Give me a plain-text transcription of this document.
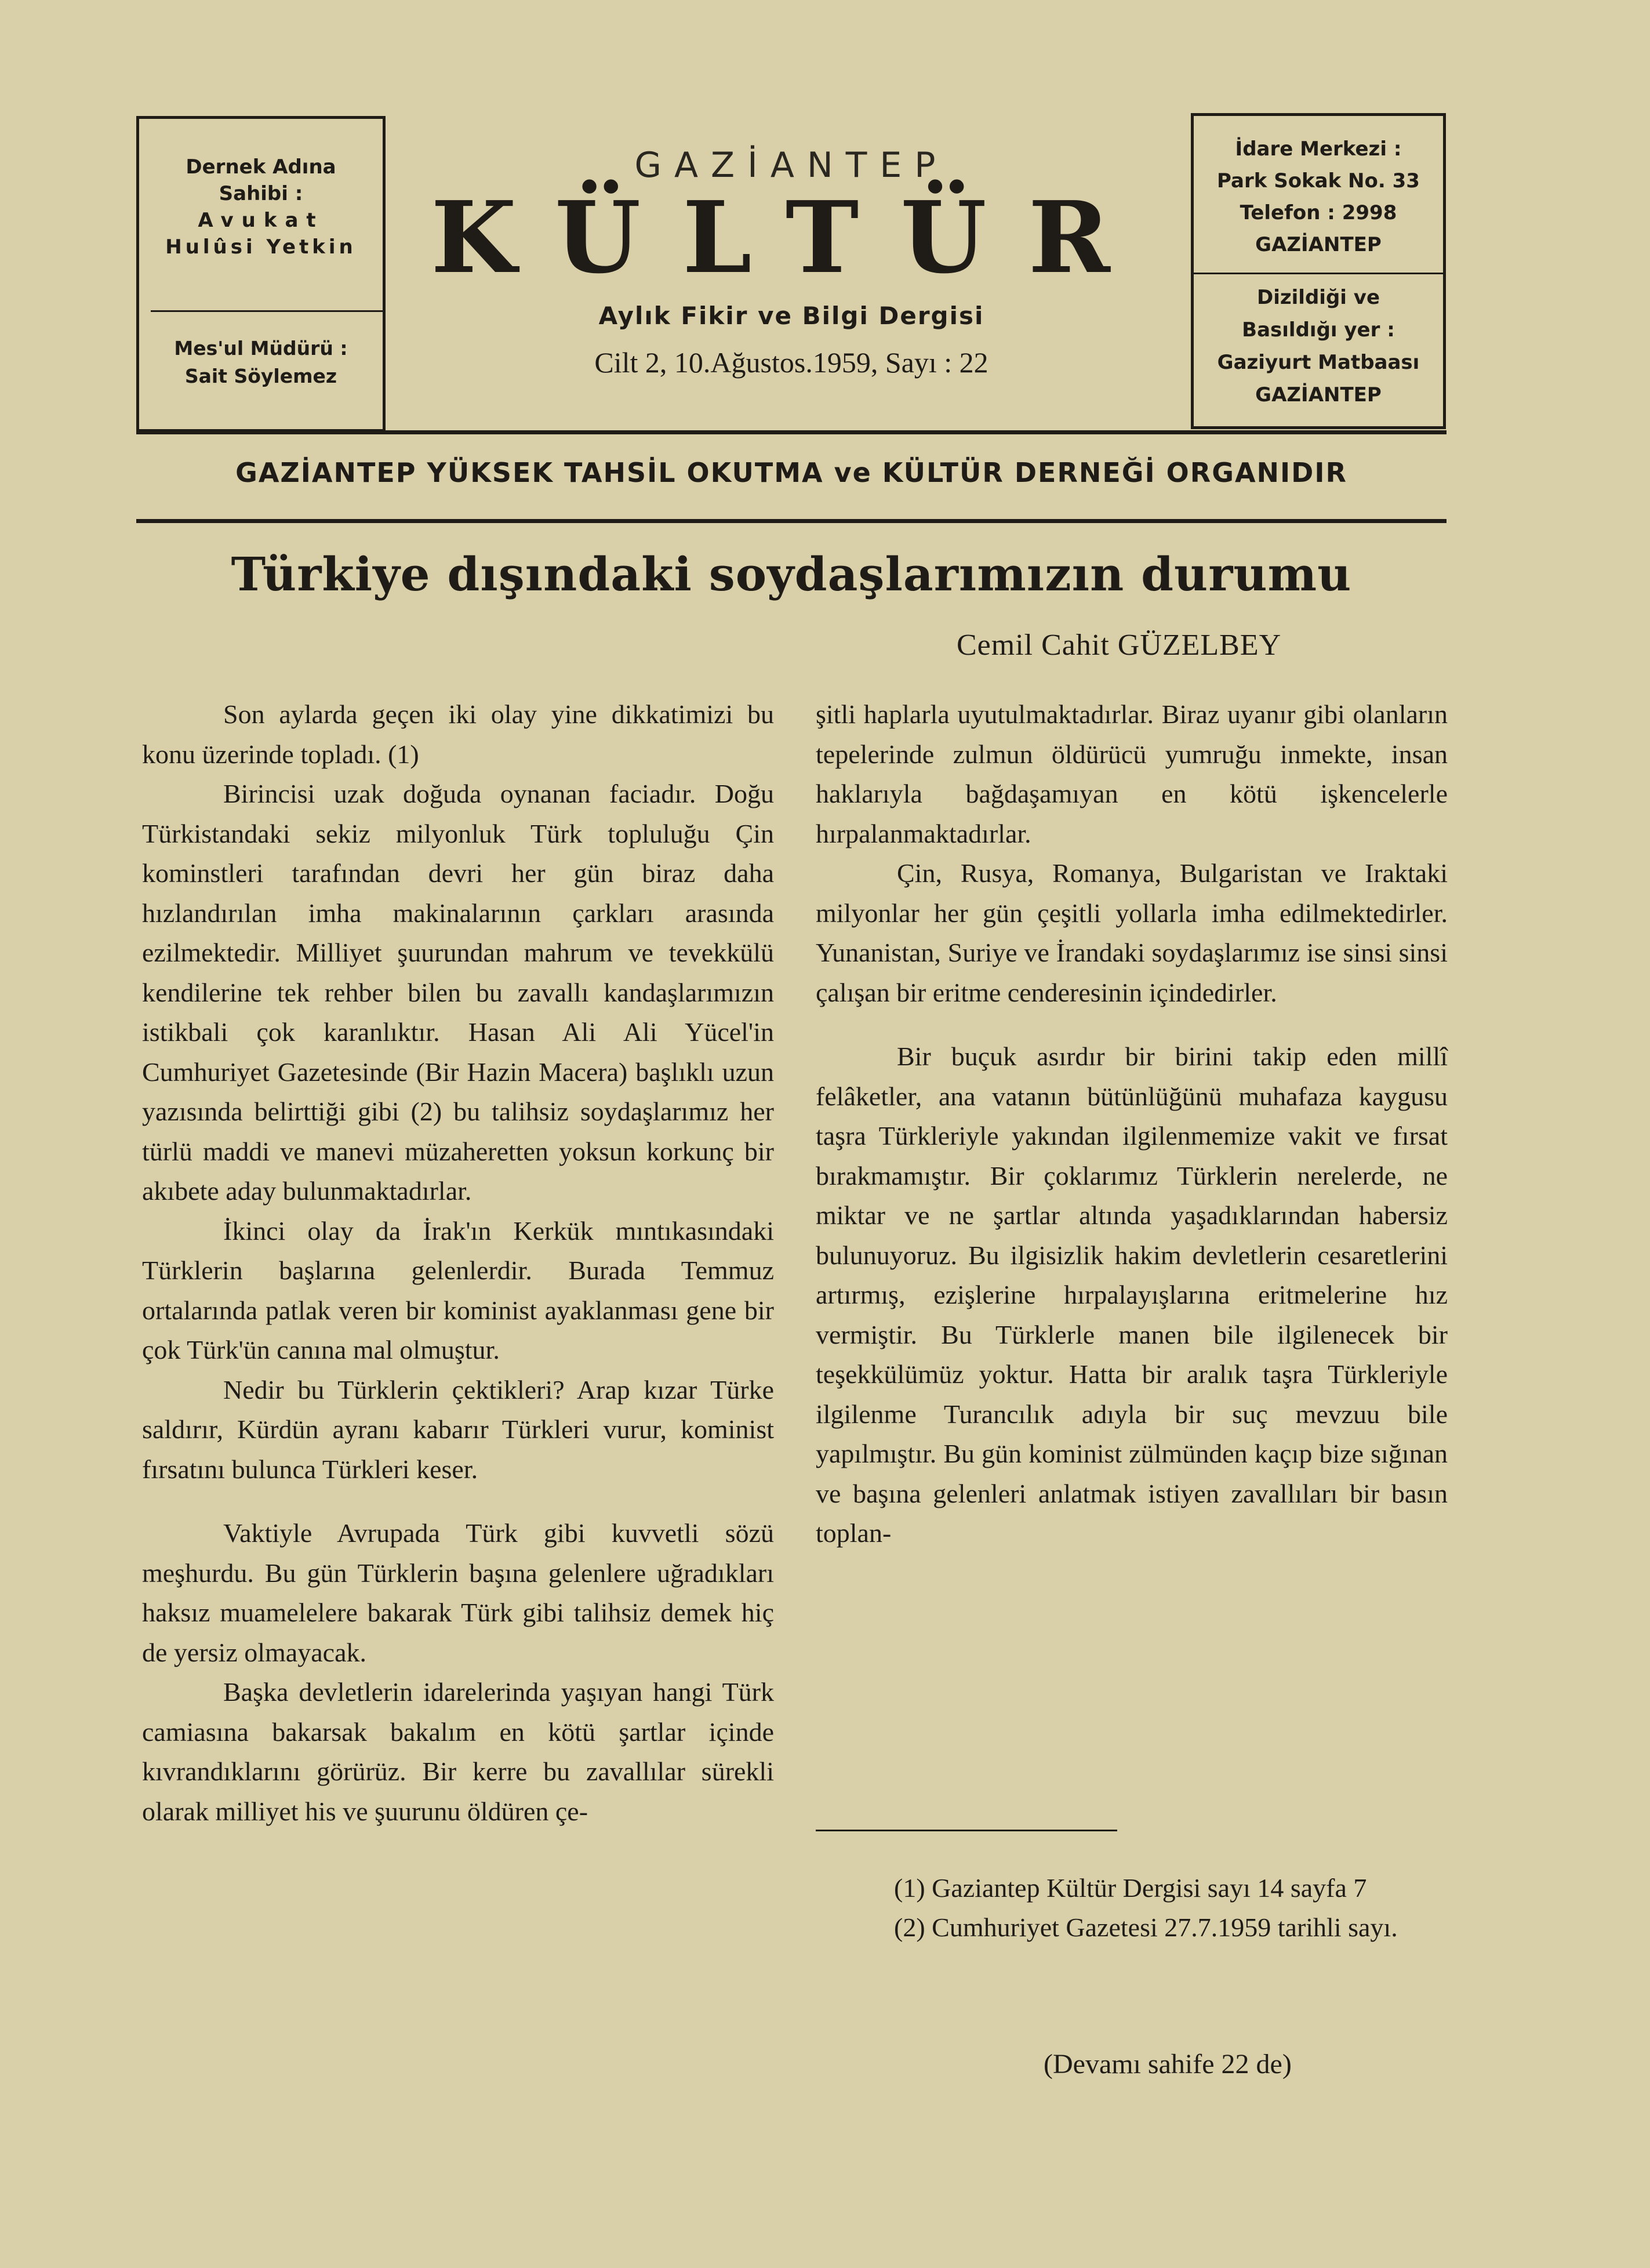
Dernek Adına
Sahibi :
Avukat
Hulûsi Yetkin
Mes'ul Müdürü :
Sait Söylemez
GAZİANTEP
KÜLTÜR
Aylık Fikir ve Bilgi Dergisi
Cilt 2, 10.Ağustos.1959, Sayı : 22
İdare Merkezi :
Park Sokak No. 33
Telefon : 2998
GAZİANTEP
Dizildiği ve
Basıldığı yer :
Gaziyurt Matbaası
GAZİANTEP
GAZİANTEP YÜKSEK TAHSİL OKUTMA ve KÜLTÜR DERNEĞİ ORGANIDIR
Türkiye dışındaki soydaşlarımızın durumu
Cemil Cahit GÜZELBEY

Son aylarda geçen iki olay yine dikkatimizi bu konu üzerinde topladı. (1)

Birincisi uzak doğuda oynanan faciadır. Doğu Türkistandaki sekiz milyonluk Türk topluluğu Çin kominstleri tarafından devri her gün biraz daha hızlandırılan imha makinalarının çarkları arasında ezilmektedir. Milliyet şuurundan mahrum ve tevekkülü kendilerine tek rehber bilen bu zavallı kandaşlarımızın istikbali çok karanlıktır. Hasan Ali Ali Yücel'in Cumhuriyet Gazetesinde (Bir Hazin Macera) başlıklı uzun yazısında belirttiği gibi (2) bu talihsiz soydaşlarımız her türlü maddi ve manevi müzaheretten yoksun korkunç bir akıbete aday bulunmaktadırlar.

İkinci olay da İrak'ın Kerkük mıntıkasındaki Türklerin başlarına gelenlerdir. Burada Temmuz ortalarında patlak veren bir kominist ayaklanması gene bir çok Türk'ün canına mal olmuştur.

Nedir bu Türklerin çektikleri? Arap kızar Türke saldırır, Kürdün ayranı kabarır Türkleri vurur, kominist fırsatını bulunca Türkleri keser.

Vaktiyle Avrupada Türk gibi kuvvetli sözü meşhurdu. Bu gün Türklerin başına gelenlere uğradıkları haksız muamelelere bakarak Türk gibi talihsiz demek hiç de yersiz olmayacak.

Başka devletlerin idarelerinda yaşıyan hangi Türk camiasına bakarsak bakalım en kötü şartlar içinde kıvrandıklarını görürüz. Bir kerre bu zavallılar sürekli olarak milliyet his ve şuurunu öldüren çe-

şitli haplarla uyutulmaktadırlar. Biraz uyanır gibi olanların tepelerinde zulmun öldürücü yumruğu inmekte, insan haklarıyla bağdaşamıyan en kötü işkencelerle hırpalanmaktadırlar.

Çin, Rusya, Romanya, Bulgaristan ve Iraktaki milyonlar her gün çeşitli yollarla imha edilmektedirler. Yunanistan, Suriye ve İrandaki soydaşlarımız ise sinsi sinsi çalışan bir eritme cenderesinin içindedirler.

Bir buçuk asırdır bir birini takip eden millî felâketler, ana vatanın bütünlüğünü muhafaza kaygusu taşra Türkleriyle yakından ilgilenmemize vakit ve fırsat bırakmamıştır. Bir çoklarımız Türklerin nerelerde, ne miktar ve ne şartlar altında yaşadıklarından habersiz bulunuyoruz. Bu ilgisizlik hakim devletlerin cesaretlerini artırmış, ezişlerine hırpalayışlarına eritmelerine hız vermiştir. Bu Türklerle manen bile ilgilenecek bir teşekkülümüz yoktur. Hatta bir aralık taşra Türkleriyle ilgilenme Turancılık adıyla bir suç mevzuu bile yapılmıştır. Bu gün kominist zülmünden kaçıp bize sığınan ve başına gelenleri anlatmak istiyen zavallıları bir basın toplan-

(1) Gaziantep Kültür Dergisi sayı 14 sayfa 7

(2) Cumhuriyet Gazetesi 27.7.1959 tarihli sayı.

(Devamı sahife 22 de)
